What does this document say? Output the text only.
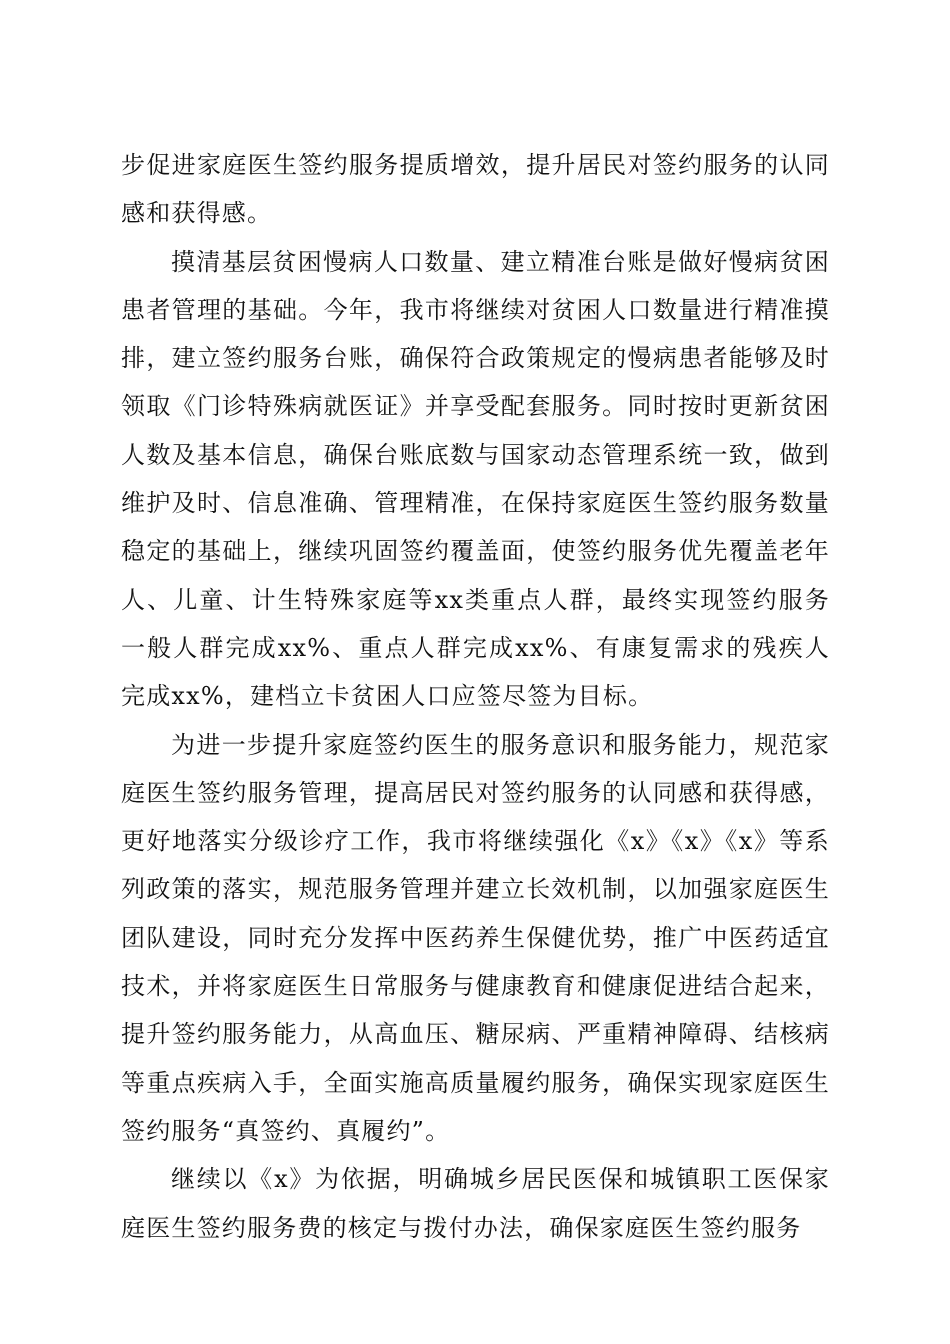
步促进家庭医生签约服务提质增效，提升居民对签约服务的认同感和获得感。

摸清基层贫困慢病人口数量、建立精准台账是做好慢病贫困患者管理的基础。今年，我市将继续对贫困人口数量进行精准摸排，建立签约服务台账，确保符合政策规定的慢病患者能够及时领取《门诊特殊病就医证》并享受配套服务。同时按时更新贫困人数及基本信息，确保台账底数与国家动态管理系统一致，做到维护及时、信息准确、管理精准，在保持家庭医生签约服务数量稳定的基础上，继续巩固签约覆盖面，使签约服务优先覆盖老年人、儿童、计生特殊家庭等xx类重点人群，最终实现签约服务一般人群完成xx%、重点人群完成xx%、有康复需求的残疾人完成xx%，建档立卡贫困人口应签尽签为目标。

为进一步提升家庭签约医生的服务意识和服务能力，规范家庭医生签约服务管理，提高居民对签约服务的认同感和获得感，更好地落实分级诊疗工作，我市将继续强化《x》《x》《x》等系列政策的落实，规范服务管理并建立长效机制，以加强家庭医生团队建设，同时充分发挥中医药养生保健优势，推广中医药适宜技术，并将家庭医生日常服务与健康教育和健康促进结合起来，提升签约服务能力，从高血压、糖尿病、严重精神障碍、结核病等重点疾病入手，全面实施高质量履约服务，确保实现家庭医生签约服务“真签约、真履约”。

继续以《x》为依据，明确城乡居民医保和城镇职工医保家庭医生签约服务费的核定与拨付办法，确保家庭医生签约服务
